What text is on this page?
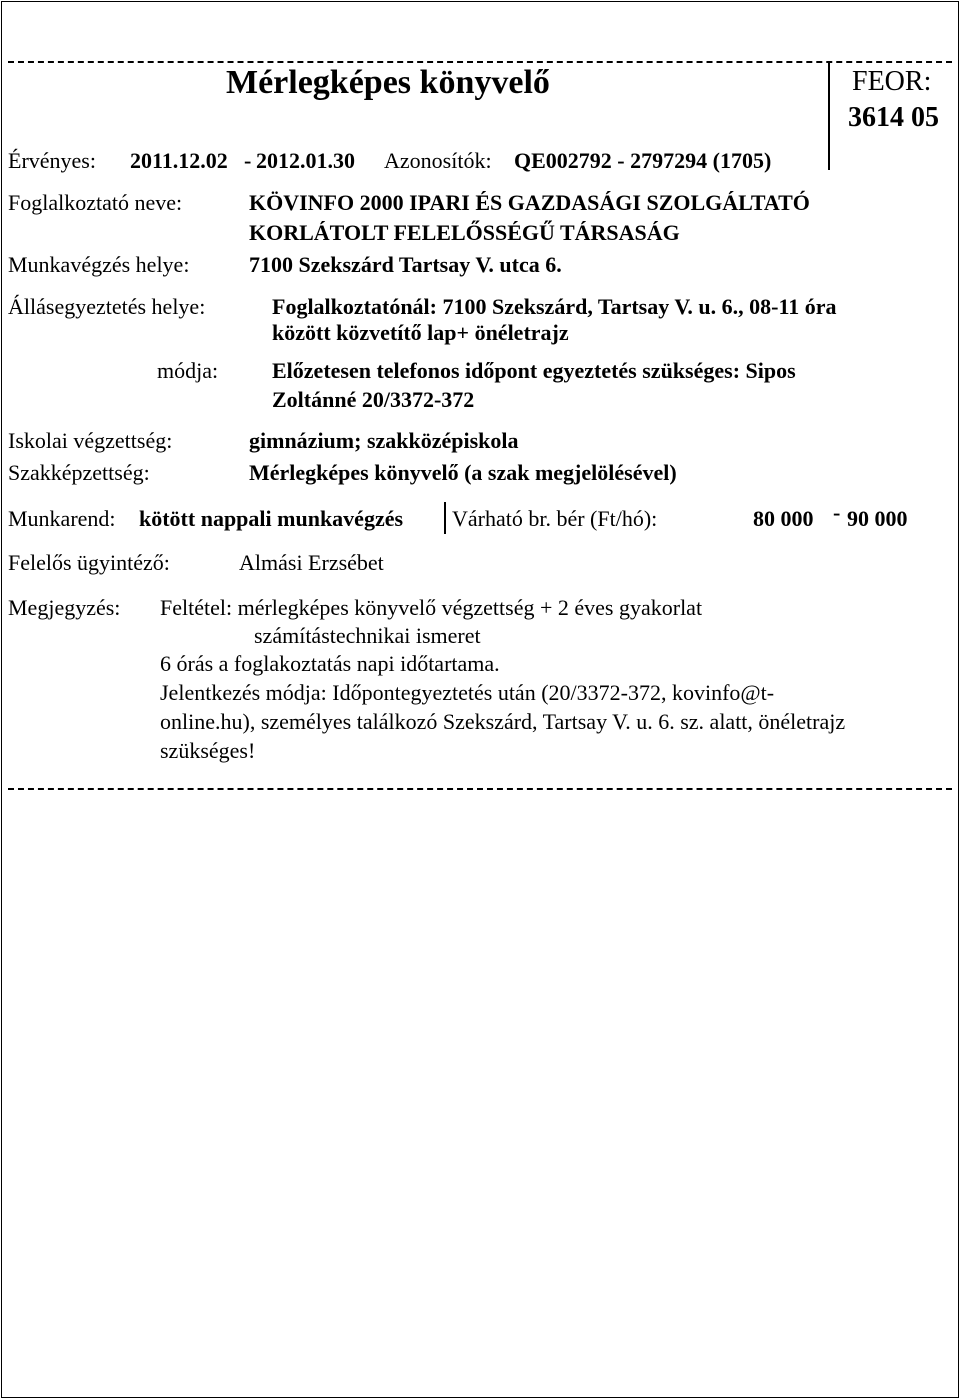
Mérlegképes könyvelő	FEOR:
3614 05
Érvényes: 2011.12.02 - 2012.01.30 Azonosítók: QE002792 - 2797294 (1705)
Foglalkoztató neve:	KÖVINFO 2000 IPARI ÉS GAZDASÁGI SZOLGÁLTATÓ
KORLÁTOLT FELELŐSSÉGŰ TÁRSASÁG
Munkavégzés helye:	7100 Szekszárd Tartsay V. utca 6.
Állásegyeztetés helye:	Foglalkoztatónál: 7100 Szekszárd, Tartsay V. u. 6., 08-11 óra
között közvetítő lap+ önéletrajz
módja: Előzetesen telefonos időpont egyeztetés szükséges: Sipos
Zoltánné 20/3372-372
Iskolai végzettség:	gimnázium; szakközépiskola
Szakképzettség:	Mérlegképes könyvelő (a szak megjelölésével)
Munkarend: kötött nappali munkavégzés Várható br. bér (Ft/hó):	80 000 - 90 000
Felelős ügyintéző:	Almási Erzsébet
Megjegyzés: Feltétel: mérlegképes könyvelő végzettség + 2 éves gyakorlat
számítástechnikai ismeret
6 órás a foglakoztatás napi időtartama.
Jelentkezés módja: Időpontegyeztetés után (20/3372-372, kovinfo@t-
online.hu), személyes találkozó Szekszárd, Tartsay V. u. 6. sz. alatt, önéletrajz
szükséges!
